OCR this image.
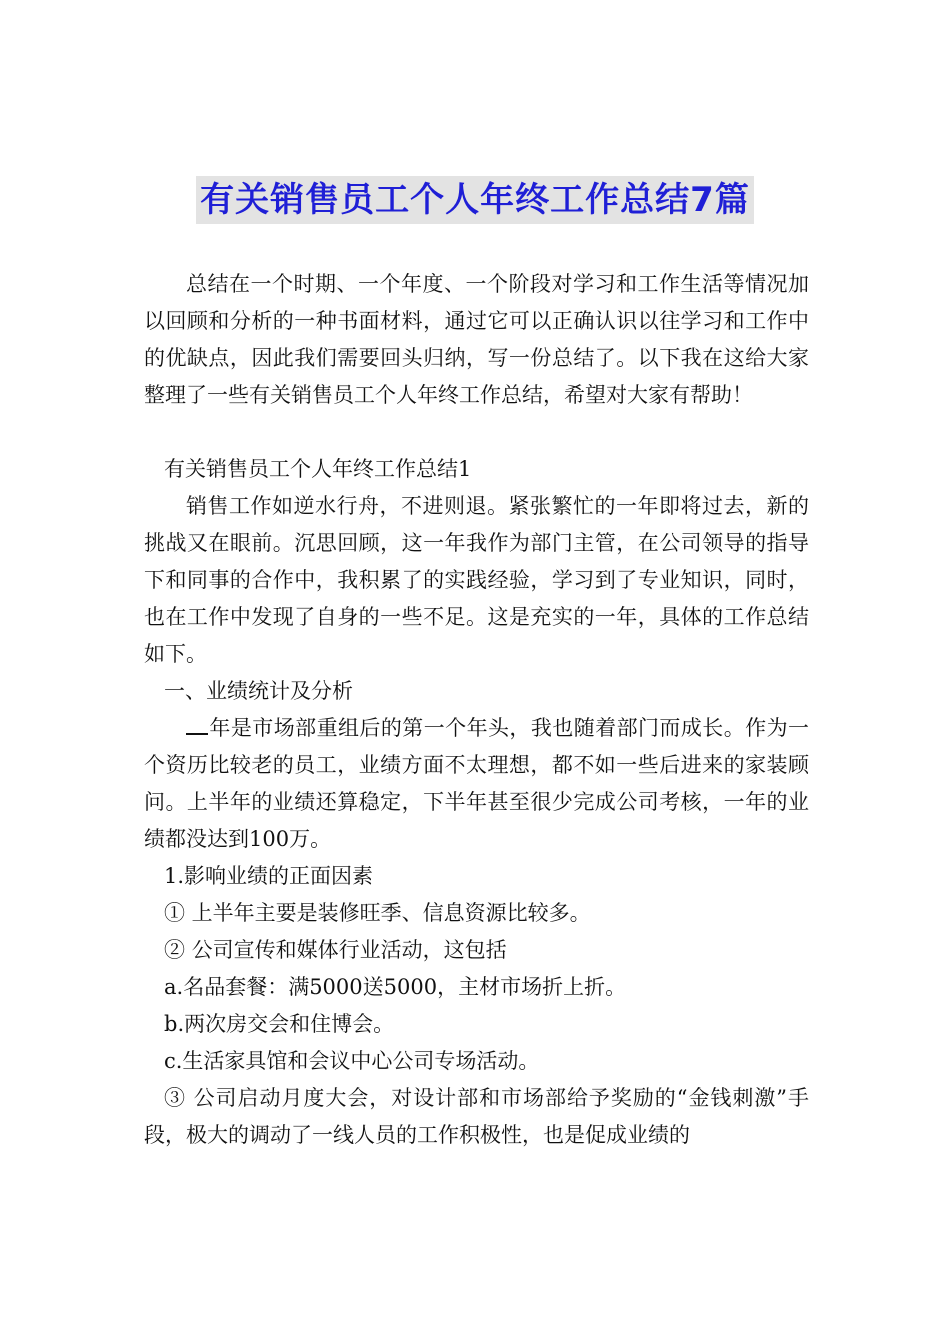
有关销售员工个人年终工作总结7篇

总结在一个时期、一个年度、一个阶段对学习和工作生活等情况加以回顾和分析的一种书面材料，通过它可以正确认识以往学习和工作中的优缺点，因此我们需要回头归纳，写一份总结了。以下我在这给大家整理了一些有关销售员工个人年终工作总结，希望对大家有帮助！

有关销售员工个人年终工作总结1

销售工作如逆水行舟，不进则退。紧张繁忙的一年即将过去，新的挑战又在眼前。沉思回顾，这一年我作为部门主管，在公司领导的指导下和同事的合作中，我积累了的实践经验，学习到了专业知识，同时，也在工作中发现了自身的一些不足。这是充实的一年，具体的工作总结如下。

一、业绩统计及分析

年是市场部重组后的第一个年头，我也随着部门而成长。作为一个资历比较老的员工，业绩方面不太理想，都不如一些后进来的家装顾问。上半年的业绩还算稳定，下半年甚至很少完成公司考核，一年的业绩都没达到100万。

1.影响业绩的正面因素

① 上半年主要是装修旺季、信息资源比较多。

② 公司宣传和媒体行业活动，这包括

a.名品套餐：满5000送5000，主材市场折上折。

b.两次房交会和住博会。

c.生活家具馆和会议中心公司专场活动。

③ 公司启动月度大会，对设计部和市场部给予奖励的“金钱刺激”手段，极大的调动了一线人员的工作积极性，也是促成业绩的
